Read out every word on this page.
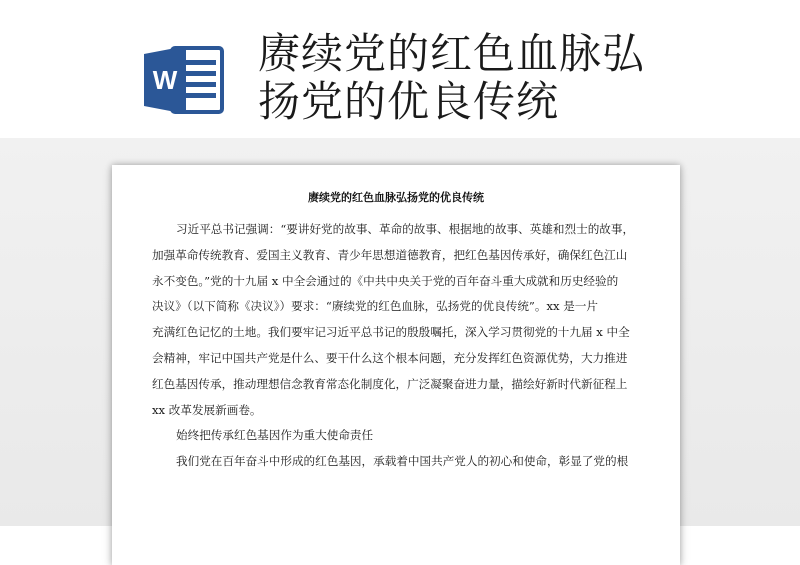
W
赓续党的红色血脉弘
扬党的优良传统
赓续党的红色血脉弘扬党的优良传统
习近平总书记强调：“要讲好党的故事、革命的故事、根据地的故事、英雄和烈士的故事，
加强革命传统教育、爱国主义教育、青少年思想道德教育，把红色基因传承好，确保红色江山
永不变色。”党的十九届 x 中全会通过的《中共中央关于党的百年奋斗重大成就和历史经验的
决议》（以下简称《决议》）要求：“赓续党的红色血脉，弘扬党的优良传统”。xx 是一片
充满红色记忆的土地。我们要牢记习近平总书记的殷殷嘱托，深入学习贯彻党的十九届 x 中全
会精神，牢记中国共产党是什么、要干什么这个根本问题，充分发挥红色资源优势，大力推进
红色基因传承，推动理想信念教育常态化制度化，广泛凝聚奋进力量，描绘好新时代新征程上
xx 改革发展新画卷。
始终把传承红色基因作为重大使命责任
我们党在百年奋斗中形成的红色基因，承载着中国共产党人的初心和使命，彰显了党的根
